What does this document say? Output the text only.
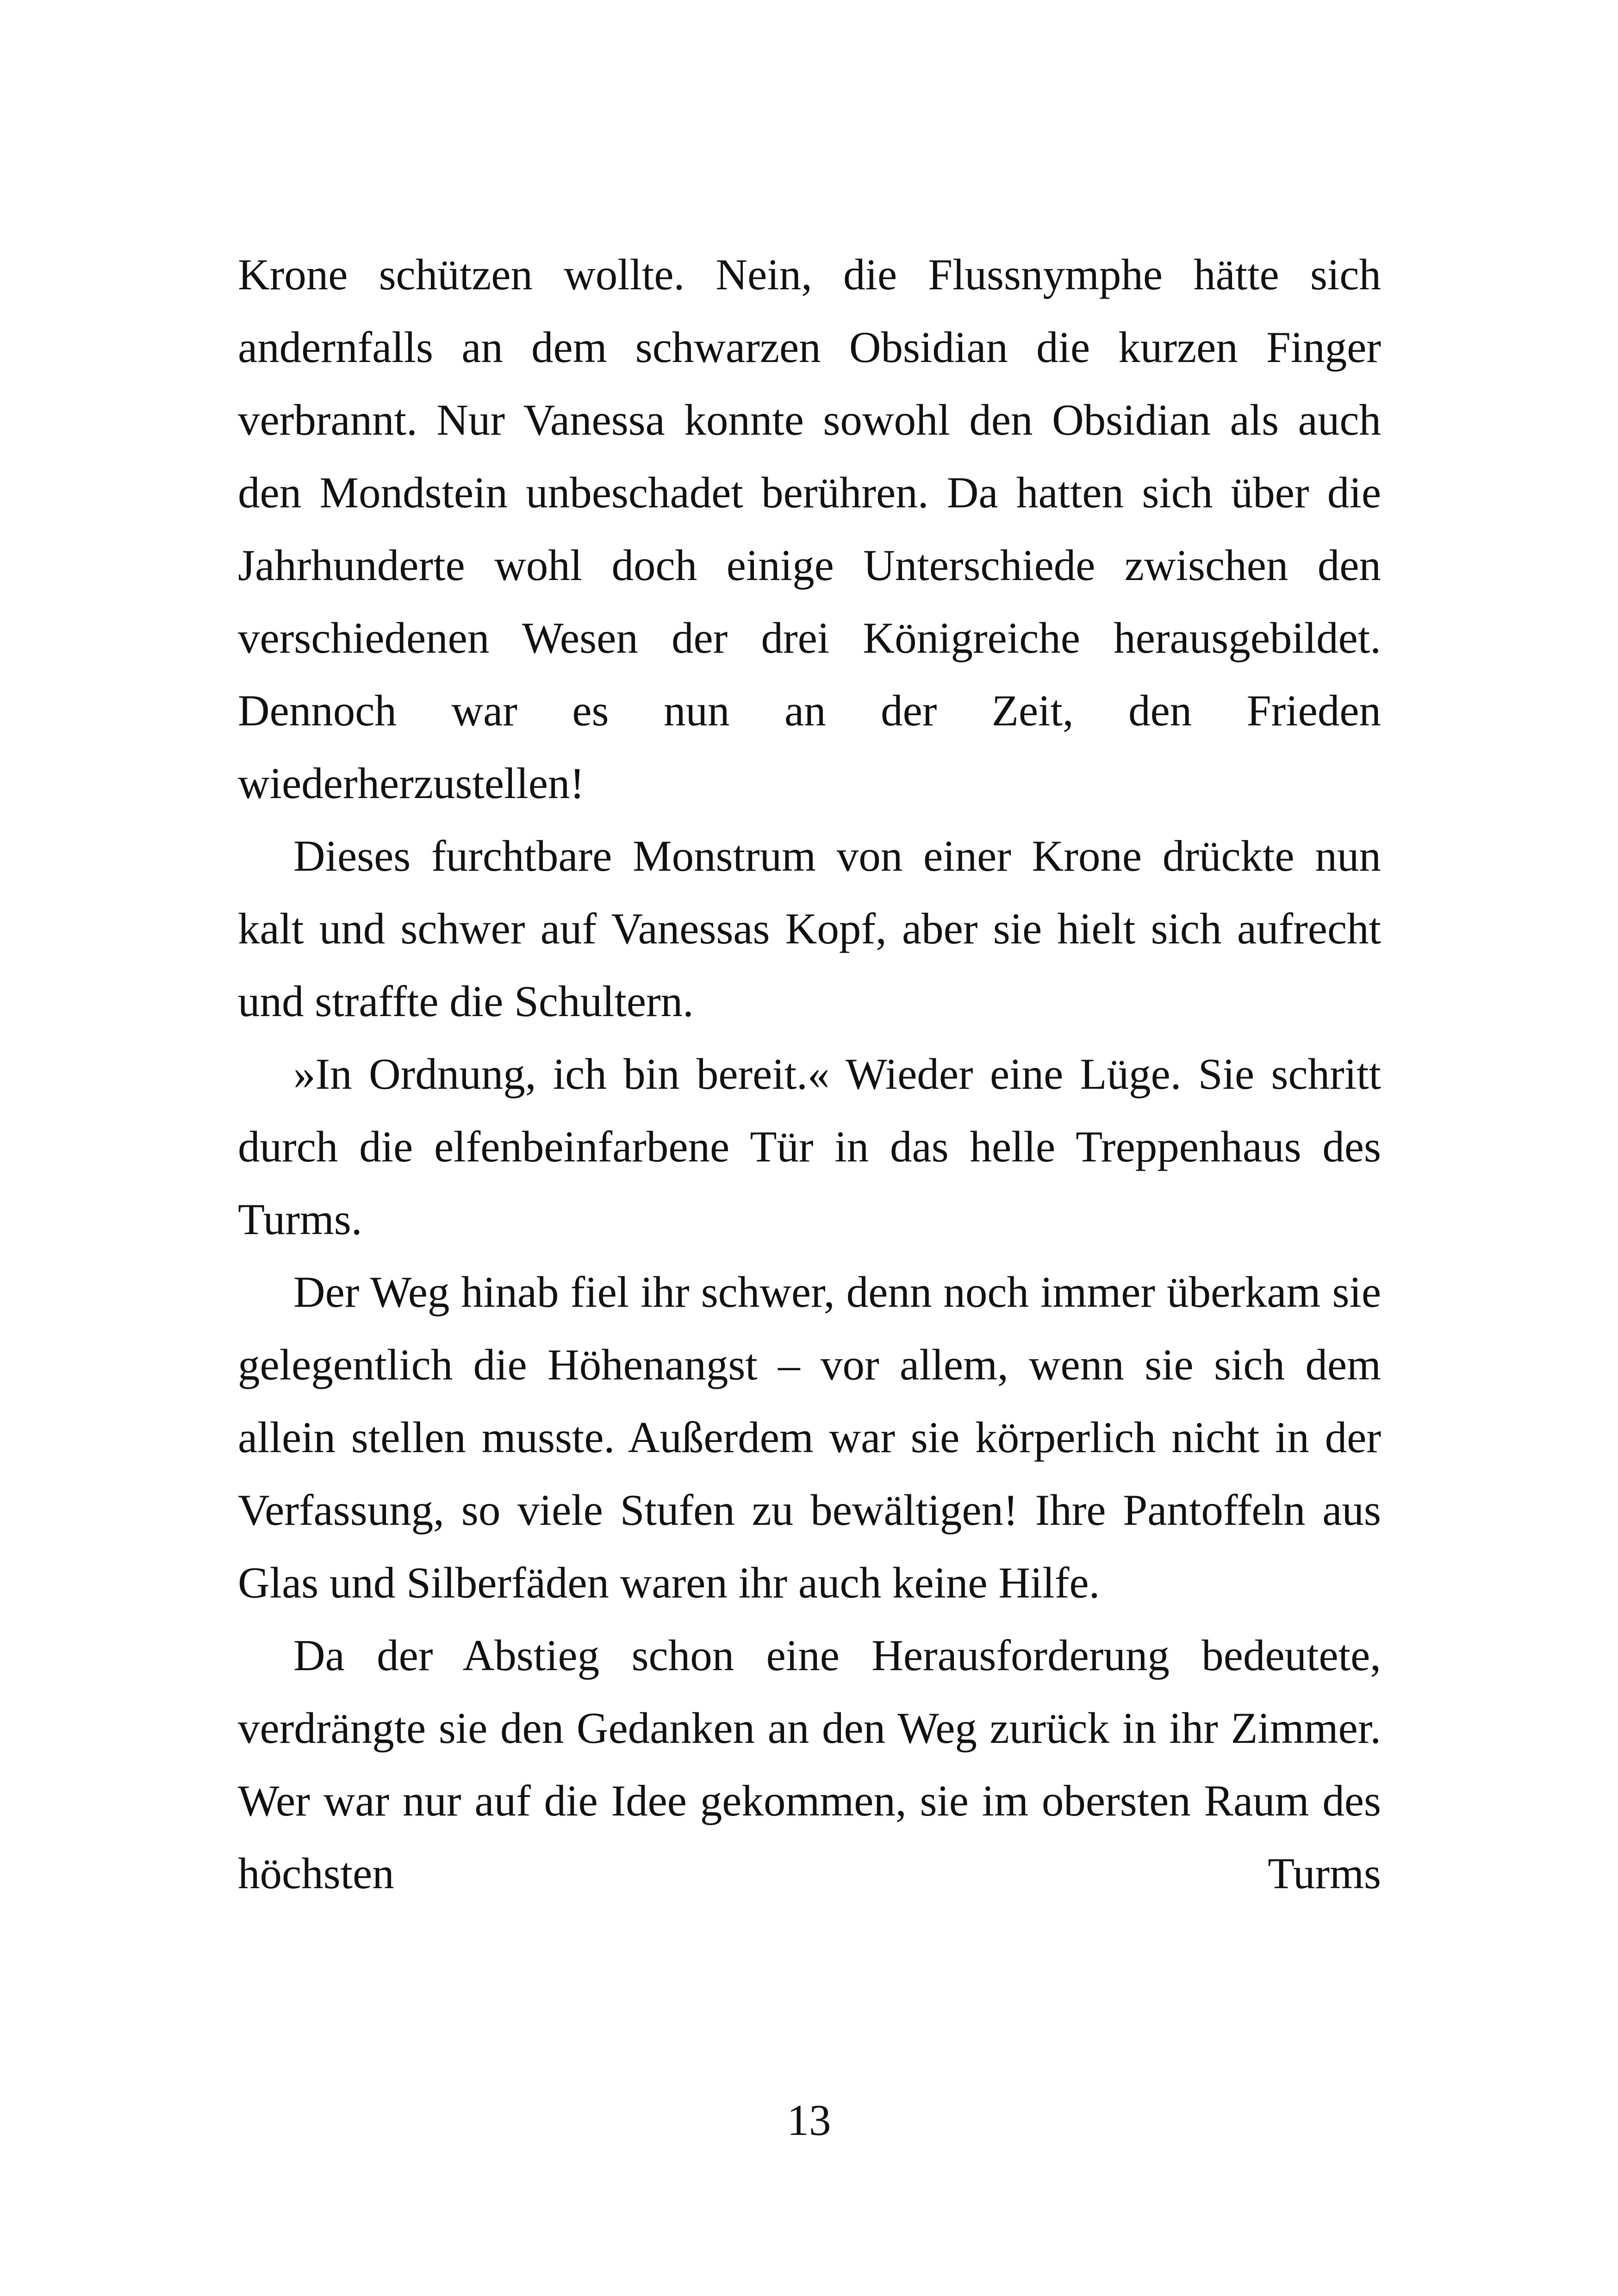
Krone schützen wollte. Nein, die Flussnymphe hätte sich andernfalls an dem schwarzen Obsidian die kurzen Finger verbrannt. Nur Vanessa konnte sowohl den Obsidian als auch den Mondstein unbeschadet berühren. Da hatten sich über die Jahrhunderte wohl doch einige Unterschiede zwischen den verschiedenen Wesen der drei Königreiche herausgebildet. Dennoch war es nun an der Zeit, den Frieden wiederherzustellen!

Dieses furchtbare Monstrum von einer Krone drückte nun kalt und schwer auf Vanessas Kopf, aber sie hielt sich aufrecht und straffte die Schultern.

»In Ordnung, ich bin bereit.« Wieder eine Lüge. Sie schritt durch die elfenbeinfarbene Tür in das helle Treppenhaus des Turms.

Der Weg hinab fiel ihr schwer, denn noch immer überkam sie gelegentlich die Höhenangst – vor allem, wenn sie sich dem allein stellen musste. Außerdem war sie körperlich nicht in der Verfassung, so viele Stufen zu bewältigen! Ihre Pantoffeln aus Glas und Silberfäden waren ihr auch keine Hilfe.

Da der Abstieg schon eine Herausforderung bedeutete, verdrängte sie den Gedanken an den Weg zurück in ihr Zimmer. Wer war nur auf die Idee gekommen, sie im obersten Raum des höchsten Turms

13
